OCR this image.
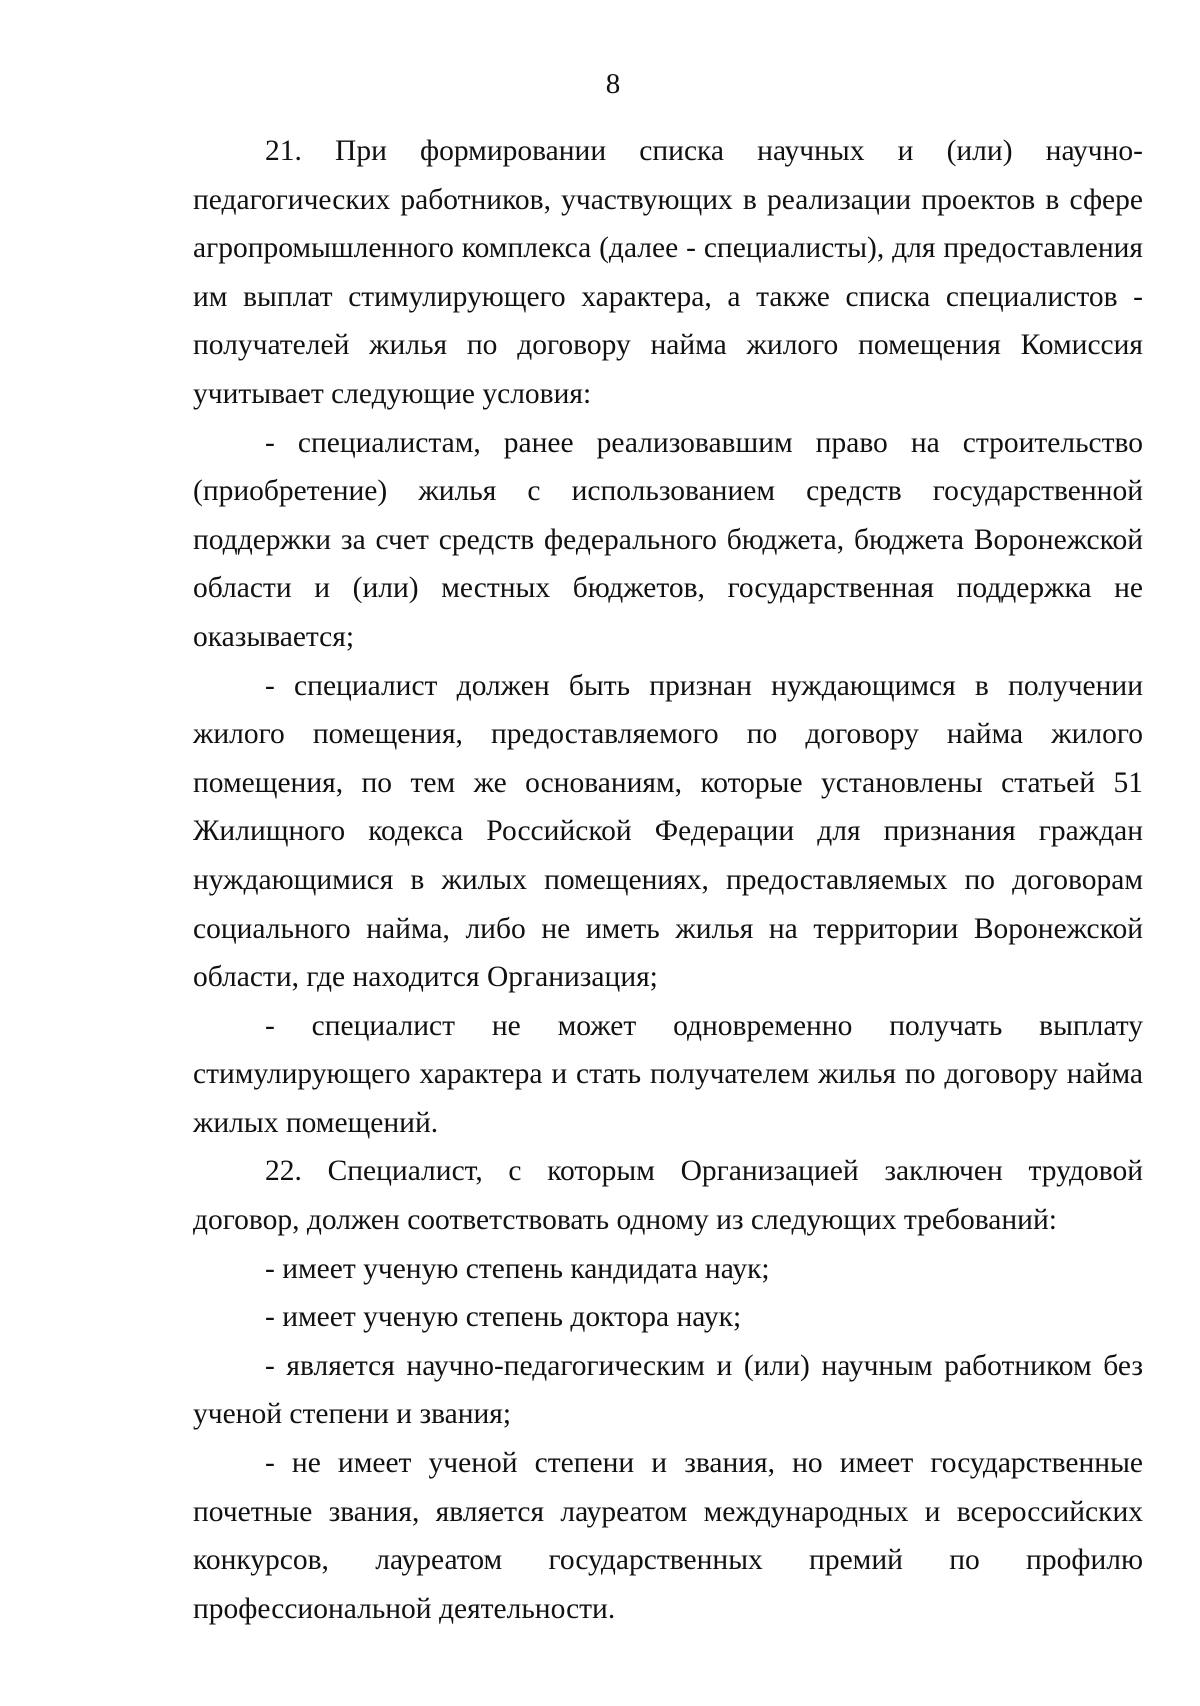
8

21. При формировании списка научных и (или) научно-педагогических работников, участвующих в реализации проектов в сфере агропромышленного комплекса (далее - специалисты), для предоставления им выплат стимулирующего характера, а также списка специалистов - получателей жилья по договору найма жилого помещения Комиссия учитывает следующие условия:

- специалистам, ранее реализовавшим право на строительство (приобретение) жилья с использованием средств государственной поддержки за счет средств федерального бюджета, бюджета Воронежской области и (или) местных бюджетов, государственная поддержка не оказывается;

- специалист должен быть признан нуждающимся в получении жилого помещения, предоставляемого по договору найма жилого помещения, по тем же основаниям, которые установлены статьей 51 Жилищного кодекса Российской Федерации для признания граждан нуждающимися в жилых помещениях, предоставляемых по договорам социального найма, либо не иметь жилья на территории Воронежской области, где находится Организация;

- специалист не может одновременно получать выплату стимулирующего характера и стать получателем жилья по договору найма жилых помещений.

22. Специалист, с которым Организацией заключен трудовой договор, должен соответствовать одному из следующих требований:

- имеет ученую степень кандидата наук;

- имеет ученую степень доктора наук;

- является научно-педагогическим и (или) научным работником без ученой степени и звания;

- не имеет ученой степени и звания, но имеет государственные почетные звания, является лауреатом международных и всероссийских конкурсов, лауреатом государственных премий по профилю профессиональной деятельности.
